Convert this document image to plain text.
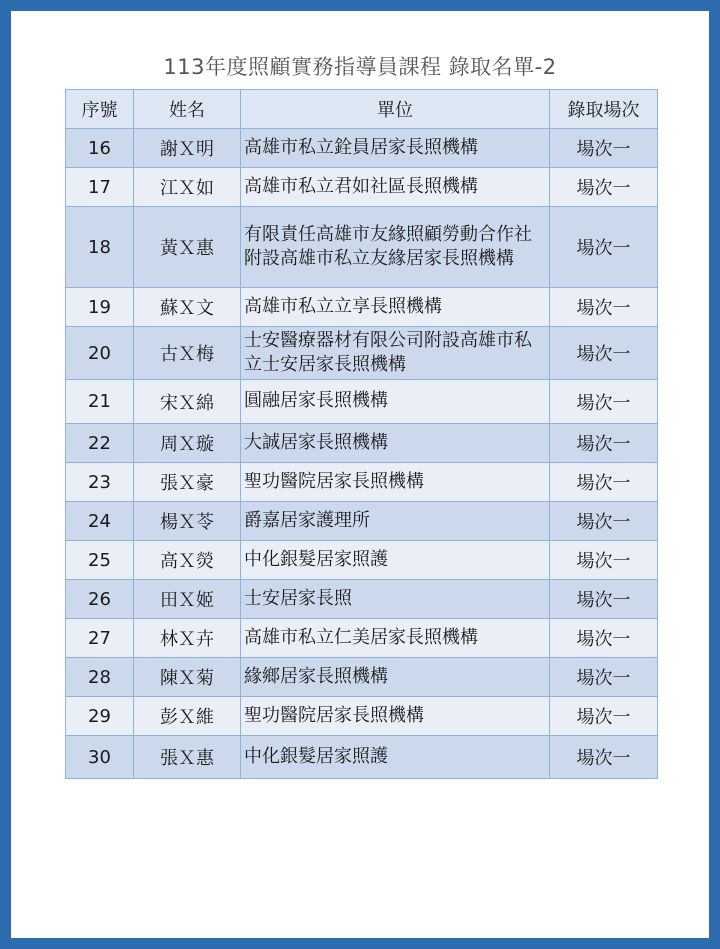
113年度照顧實務指導員課程 錄取名單-2
序號	姓名	單位	錄取場次
16	謝Ｘ明	高雄市私立銓員居家長照機構	場次一
17	江Ｘ如	高雄市私立君如社區長照機構	場次一
18	黃Ｘ惠	有限責任高雄市友緣照顧勞動合作社附設高雄市私立友緣居家長照機構	場次一
19	蘇Ｘ文	高雄市私立立享長照機構	場次一
20	古Ｘ梅	士安醫療器材有限公司附設高雄市私立士安居家長照機構	場次一
21	宋Ｘ綿	圓融居家長照機構	場次一
22	周Ｘ璇	大誠居家長照機構	場次一
23	張Ｘ豪	聖功醫院居家長照機構	場次一
24	楊Ｘ苓	爵嘉居家護理所	場次一
25	高Ｘ熒	中化銀髮居家照護	場次一
26	田Ｘ姬	士安居家長照	場次一
27	林Ｘ卉	高雄市私立仁美居家長照機構	場次一
28	陳Ｘ菊	緣鄉居家長照機構	場次一
29	彭Ｘ維	聖功醫院居家長照機構	場次一
30	張Ｘ惠	中化銀髮居家照護	場次一
